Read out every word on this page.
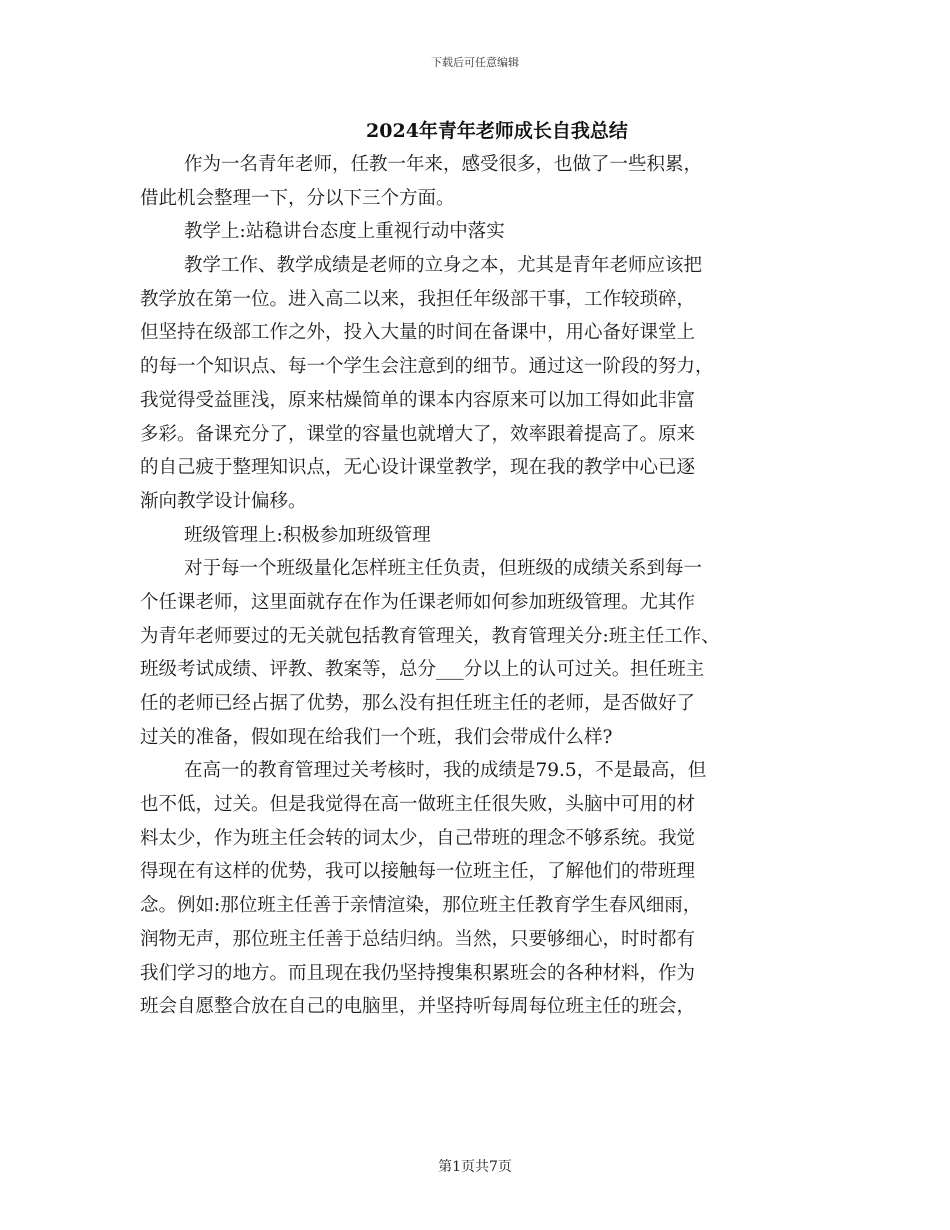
下载后可任意编辑
2024年青年老师成长自我总结
作为一名青年老师，任教一年来，感受很多，也做了一些积累，
借此机会整理一下，分以下三个方面。
教学上:站稳讲台态度上重视行动中落实
教学工作、教学成绩是老师的立身之本，尤其是青年老师应该把
教学放在第一位。进入高二以来，我担任年级部干事，工作较琐碎，
但坚持在级部工作之外，投入大量的时间在备课中，用心备好课堂上
的每一个知识点、每一个学生会注意到的细节。通过这一阶段的努力，
我觉得受益匪浅，原来枯燥简单的课本内容原来可以加工得如此非富
多彩。备课充分了，课堂的容量也就增大了，效率跟着提高了。原来
的自己疲于整理知识点，无心设计课堂教学，现在我的教学中心已逐
渐向教学设计偏移。
班级管理上:积极参加班级管理
对于每一个班级量化怎样班主任负责，但班级的成绩关系到每一
个任课老师，这里面就存在作为任课老师如何参加班级管理。尤其作
为青年老师要过的无关就包括教育管理关，教育管理关分:班主任工作、
班级考试成绩、评教、教案等，总分___分以上的认可过关。担任班主
任的老师已经占据了优势，那么没有担任班主任的老师，是否做好了
过关的准备，假如现在给我们一个班，我们会带成什么样?
在高一的教育管理过关考核时，我的成绩是79.5，不是最高，但
也不低，过关。但是我觉得在高一做班主任很失败，头脑中可用的材
料太少，作为班主任会转的词太少，自己带班的理念不够系统。我觉
得现在有这样的优势，我可以接触每一位班主任，了解他们的带班理
念。例如:那位班主任善于亲情渲染，那位班主任教育学生春风细雨，
润物无声，那位班主任善于总结归纳。当然，只要够细心，时时都有
我们学习的地方。而且现在我仍坚持搜集积累班会的各种材料，作为
班会自愿整合放在自己的电脑里，并坚持听每周每位班主任的班会，
第1页共7页
